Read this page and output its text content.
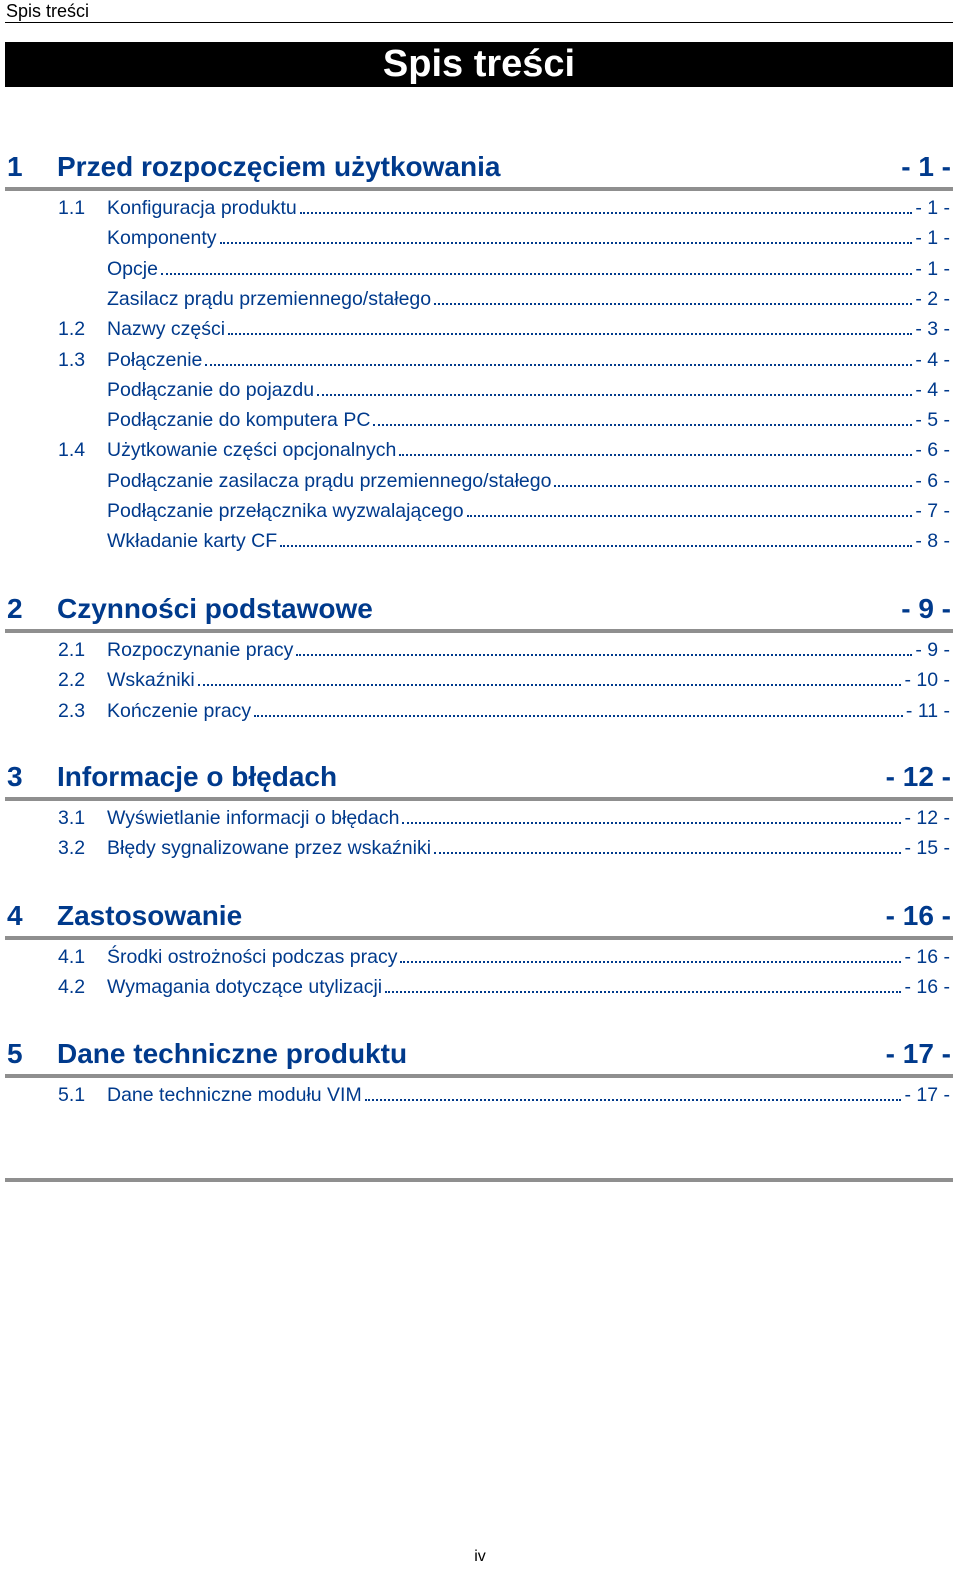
Spis treści
Spis treści
1 Przed rozpoczęciem użytkowania	- 1 -
1.1 Konfiguracja produktu	- 1 -
Komponenty	- 1 -
Opcje	- 1 -
Zasilacz prądu przemiennego/stałego	- 2 -
1.2 Nazwy części	- 3 -
1.3 Połączenie	- 4 -
Podłączanie do pojazdu	- 4 -
Podłączanie do komputera PC	- 5 -
1.4 Użytkowanie części opcjonalnych	- 6 -
Podłączanie zasilacza prądu przemiennego/stałego	- 6 -
Podłączanie przełącznika wyzwalającego	- 7 -
Wkładanie karty CF	- 8 -
2 Czynności podstawowe	- 9 -
2.1 Rozpoczynanie pracy	- 9 -
2.2 Wskaźniki	- 10 -
2.3 Kończenie pracy	- 11 -
3 Informacje o błędach	- 12 -
3.1 Wyświetlanie informacji o błędach	- 12 -
3.2 Błędy sygnalizowane przez wskaźniki	- 15 -
4 Zastosowanie	- 16 -
4.1 Środki ostrożności podczas pracy	- 16 -
4.2 Wymagania dotyczące utylizacji	- 16 -
5 Dane techniczne produktu	- 17 -
5.1 Dane techniczne modułu VIM	- 17 -
iv
